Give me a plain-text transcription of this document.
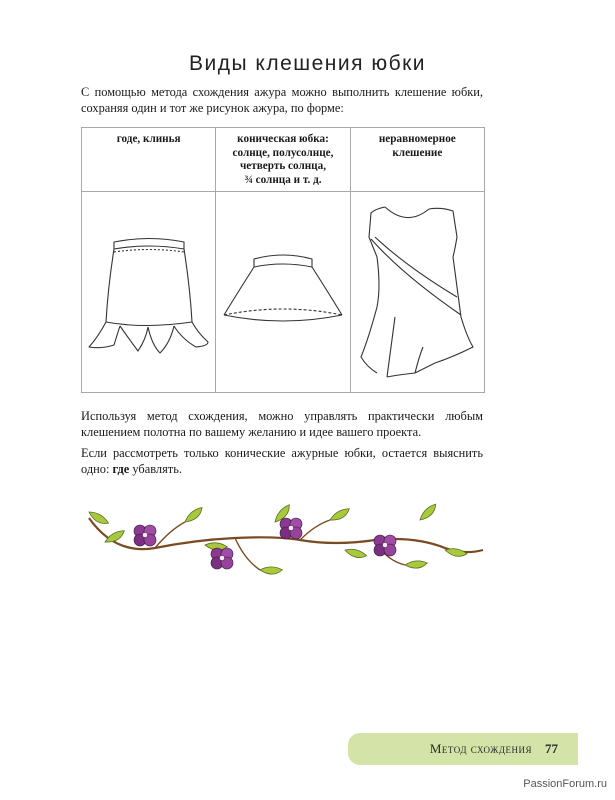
Виды клешения юбки

С помощью метода схождения ажура можно выполнить клешение юбки, сохраняя один и тот же рисунок ажура, по форме:

годе, клинья	коническая юбка:
солнце, полусолнце,
четверть солнца,
¾ солнца и т. д.	неравномерное
клешение

Используя метод схождения, можно управлять практически любым клешением полотна по вашему желанию и идее вашего проекта.

Если рассмотреть только конические ажурные юбки, остается выяснить одно: где убавлять.

Метод схождения 77
PassionForum.ru
